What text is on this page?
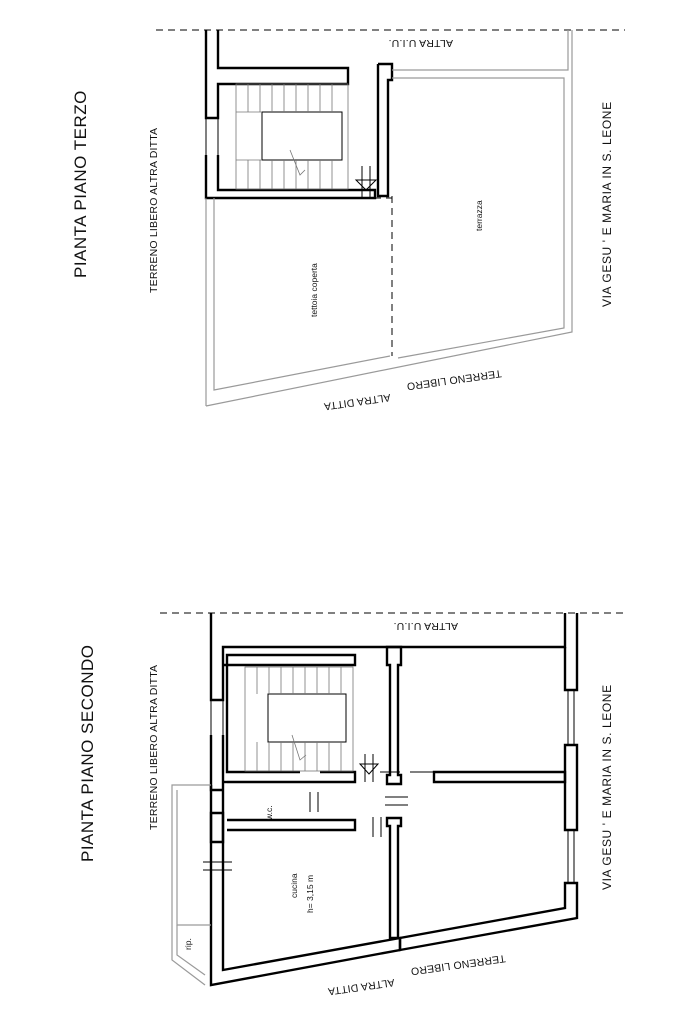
PIANTA PIANO TERZO	TERRENO LIBERO ALTRA DITTA
ALTRA U.I.U.
ALTRA DITTA
TERRENO LIBERO
VIA GESU ' E MARIA IN S. LEONE
tettoia coperta
terrazza
PIANTA PIANO SECONDO	TERRENO LIBERO ALTRA DITTA
ALTRA U.I.U.
ALTRA DITTA
TERRENO LIBERO
VIA GESU ' E MARIA IN S. LEONE
rip.
w.c.
cucina h= 3,15 m
